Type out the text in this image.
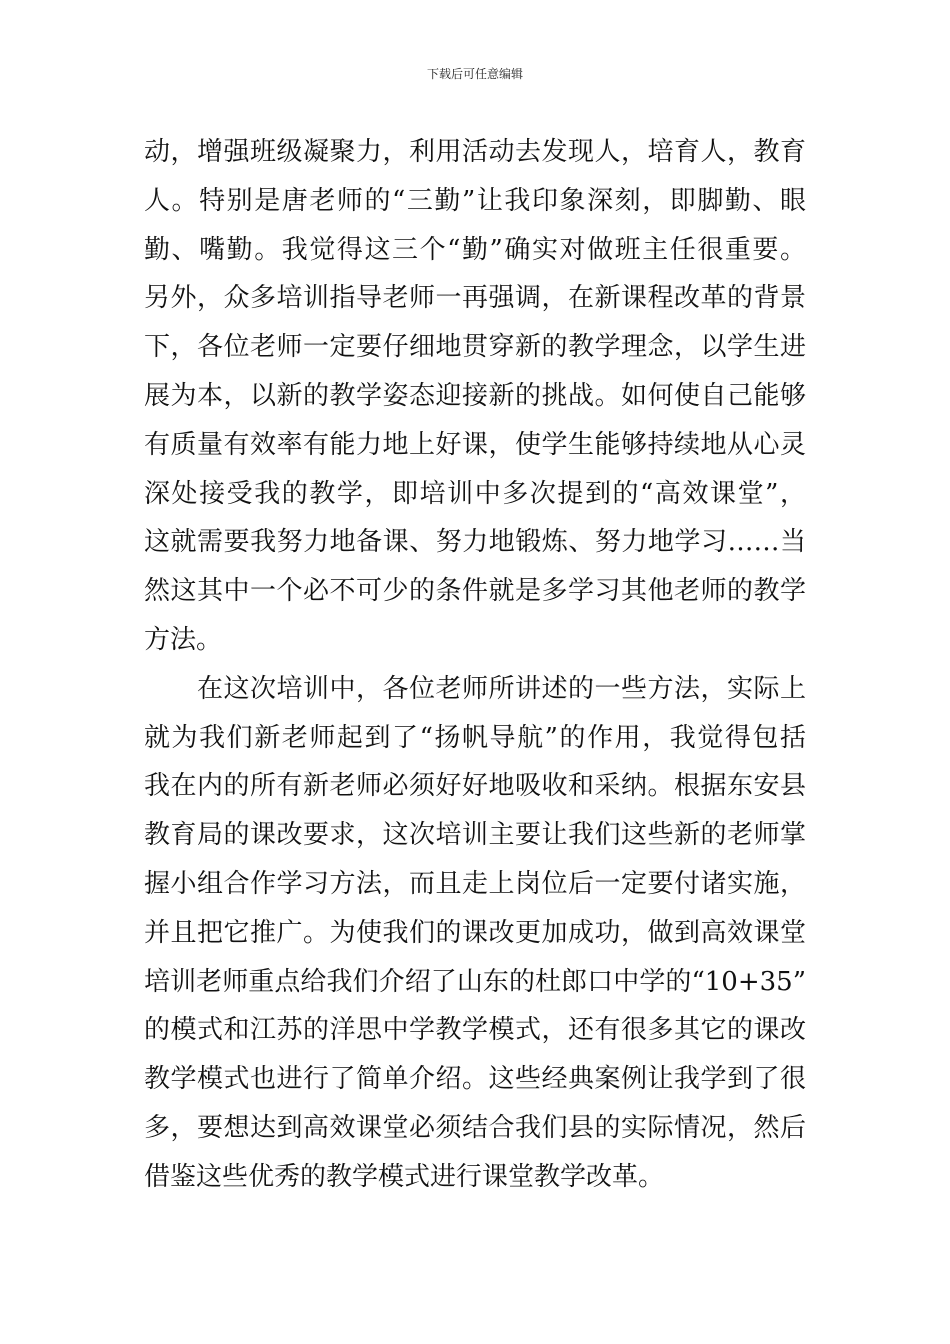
下载后可任意编辑
动，增强班级凝聚力，利用活动去发现人，培育人，教育
人。特别是唐老师的“三勤”让我印象深刻，即脚勤、眼
勤、嘴勤。我觉得这三个“勤”确实对做班主任很重要。
另外，众多培训指导老师一再强调，在新课程改革的背景
下，各位老师一定要仔细地贯穿新的教学理念，以学生进
展为本，以新的教学姿态迎接新的挑战。如何使自己能够
有质量有效率有能力地上好课，使学生能够持续地从心灵
深处接受我的教学，即培训中多次提到的“高效课堂”，
这就需要我努力地备课、努力地锻炼、努力地学习……当
然这其中一个必不可少的条件就是多学习其他老师的教学
方法。
在这次培训中，各位老师所讲述的一些方法，实际上
就为我们新老师起到了“扬帆导航”的作用，我觉得包括
我在内的所有新老师必须好好地吸收和采纳。根据东安县
教育局的课改要求，这次培训主要让我们这些新的老师掌
握小组合作学习方法，而且走上岗位后一定要付诸实施，
并且把它推广。为使我们的课改更加成功，做到高效课堂
培训老师重点给我们介绍了山东的杜郎口中学的“10+35”
的模式和江苏的洋思中学教学模式，还有很多其它的课改
教学模式也进行了简单介绍。这些经典案例让我学到了很
多，要想达到高效课堂必须结合我们县的实际情况，然后
借鉴这些优秀的教学模式进行课堂教学改革。
